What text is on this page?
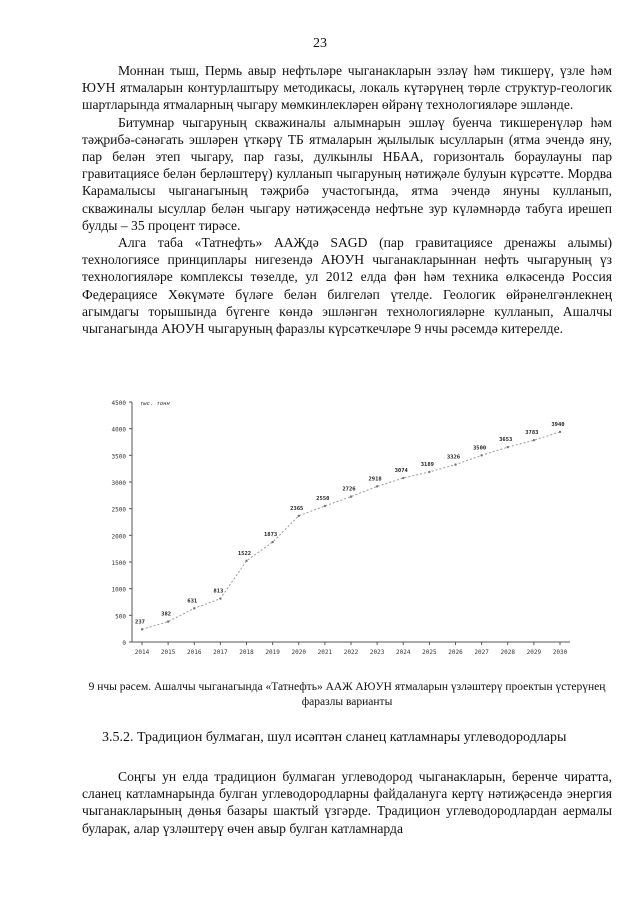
23

Моннан тыш, Пермь авыр нефтьләре чыганакларын эзләү һәм тикшерү, үзле һәм ЮУН ятмаларын контурлаштыру методикасы, локаль күтәрүнең төрле структур-геологик шартларында ятмаларның чыгару мөмкинлекләрен өйрәнү технологияләре эшләнде.

Битумнар чыгаруның скважиналы алымнарын эшләү буенча тикшеренүләр һәм тәҗрибә-сәнәгать эшләрен үткәрү ТБ ятмаларын җылылык ысулларын (ятма эчендә яну, пар белән этеп чыгару, пар газы, дулкынлы НБАА, горизонталь бораулауны пар гравитациясе белән берләштерү) кулланып чыгаруның нәтиҗәле булуын күрсәтте. Мордва Карамалысы чыганагының тәҗрибә участогында, ятма эчендә януны кулланып, скважиналы ысуллар белән чыгару нәтиҗәсендә нефтьне зур күләмнәрдә табуга ирешеп булды – 35 процент тирәсе.

Алга таба «Татнефть» ААҖдә SAGD (пар гравитациясе дренажы алымы) технологиясе принциплары нигезендә АЮУН чыганакларыннан нефть чыгаруның үз технологияләре комплексы төзелде, ул 2012 елда фән һәм техника өлкәсендә Россия Федерациясе Хөкүмәте бүләге белән билгеләп үтелде. Геологик өйрәнелгәнлекнең агымдагы торышында бүгенге көндә эшләнгән технологияләрне кулланып, Ашалчы чыганагында АЮУН чыгаруның фаразлы күрсәткечләре 9 нчы рәсемдә китерелде.

0
500
1000
1500
2000
2500
3000
3500
4000
4500	тыс. тонн
2014 2015 2016 2017 2018 2019 2020 2021 2022 2023 2024 2025 2026 2027 2028 2029 2030
237
382
631
813
1522
1873
2365
2550
2726
2918
3074
3189
3326
3500
3653
3783
3940
9 нчы рәсем. Ашалчы чыганагында «Татнефть» ААЖ АЮУН ятмаларын үзләштерү проектын үстерүнең фаразлы варианты
3.5.2. Традицион булмаган, шул исәптән сланец катламнары углеводородлары

Соңгы ун елда традицион булмаган углеводород чыганакларын, беренче чиратта, сланец катламнарында булган углеводородларны файдалануга кертү нәтиҗәсендә энергия чыганакларының дөнья базары шактый үзгәрде. Традицион углеводородлардан аермалы буларак, алар үзләштерү өчен авыр булган катламнарда
